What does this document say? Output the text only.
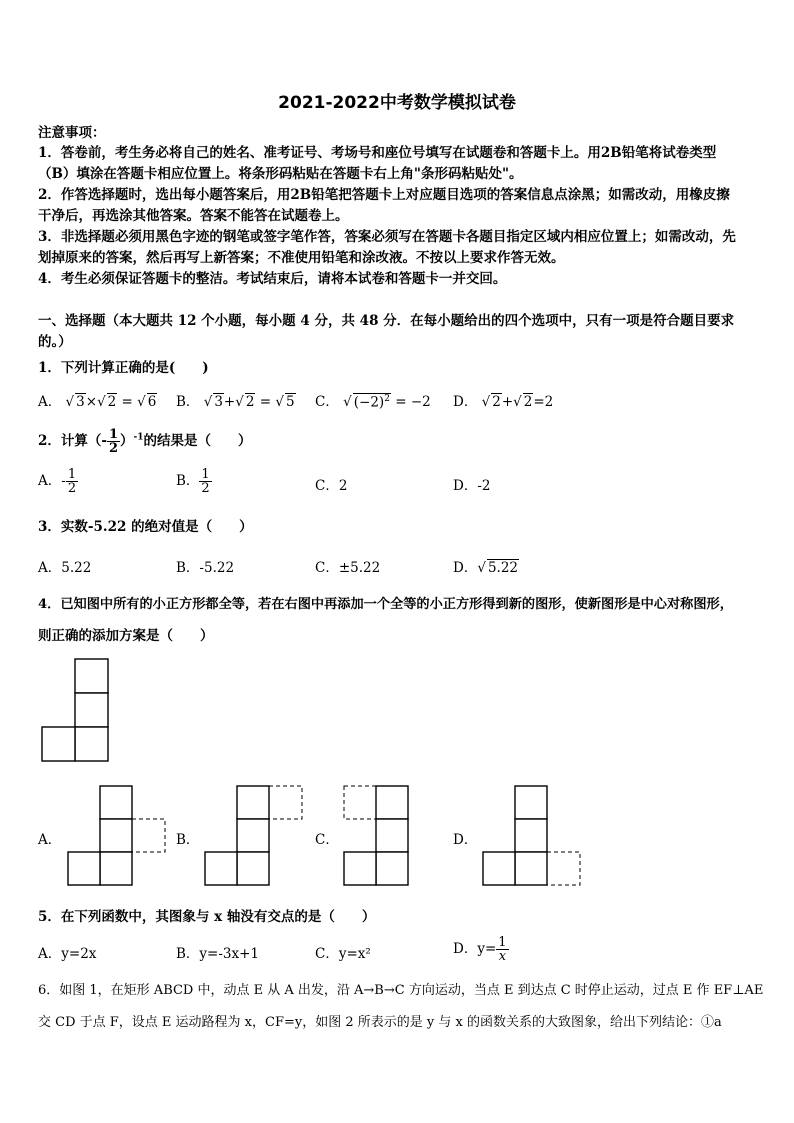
2021-2022中考数学模拟试卷
注意事项：
1．答卷前，考生务必将自己的姓名、准考证号、考场号和座位号填写在试题卷和答题卡上。用2B铅笔将试卷类型
（B）填涂在答题卡相应位置上。将条形码粘贴在答题卡右上角"条形码粘贴处"。
2．作答选择题时，选出每小题答案后，用2B铅笔把答题卡上对应题目选项的答案信息点涂黑；如需改动，用橡皮擦
干净后，再选涂其他答案。答案不能答在试题卷上。
3．非选择题必须用黑色字迹的钢笔或签字笔作答，答案必须写在答题卡各题目指定区域内相应位置上；如需改动，先
划掉原来的答案，然后再写上新答案；不准使用铅笔和涂改液。不按以上要求作答无效。
4．考生必须保证答题卡的整洁。考试结束后，请将本试卷和答题卡一并交回。
一、选择题（本大题共 12 个小题，每小题 4 分，共 48 分．在每小题给出的四个选项中，只有一项是符合题目要求
的。）
1．下列计算正确的是(　　)
A． √ 3×√ 2 = √ 6 B． √ 3+√ 2 = √ 5 C． √ $(-2)^2 = -2$ D． √ 2+√ 2=2
2．计算（- $\frac{1}{2} )^{-1}$的结果是（　　）
A．- $\frac{1}{2}$	B． $\frac{1}{2}$	C．2	D．-2
3．实数-5.22 的绝对值是（　　）
A．5.22	B．-5.22	C．±5.22	D．√ 5.22
4．已知图中所有的小正方形都全等，若在右图中再添加一个全等的小正方形得到新的图形，使新图形是中心对称图形，
则正确的添加方案是（　　）
A．	B．	C．	D．
5．在下列函数中，其图象与 x 轴没有交点的是（　　）
A．y=2x	B．y=-3x+1	C．y=x²	D．$y= \frac{1}{x}$
6．如图 1，在矩形 ABCD 中，动点 E 从 A 出发，沿 A→B→C 方向运动，当点 E 到达点 C 时停止运动，过点 E 作 EF⊥AE
交 CD 于点 F，设点 E 运动路程为 x，CF=y，如图 2 所表示的是 y 与 x 的函数关系的大致图象，给出下列结论：①a
